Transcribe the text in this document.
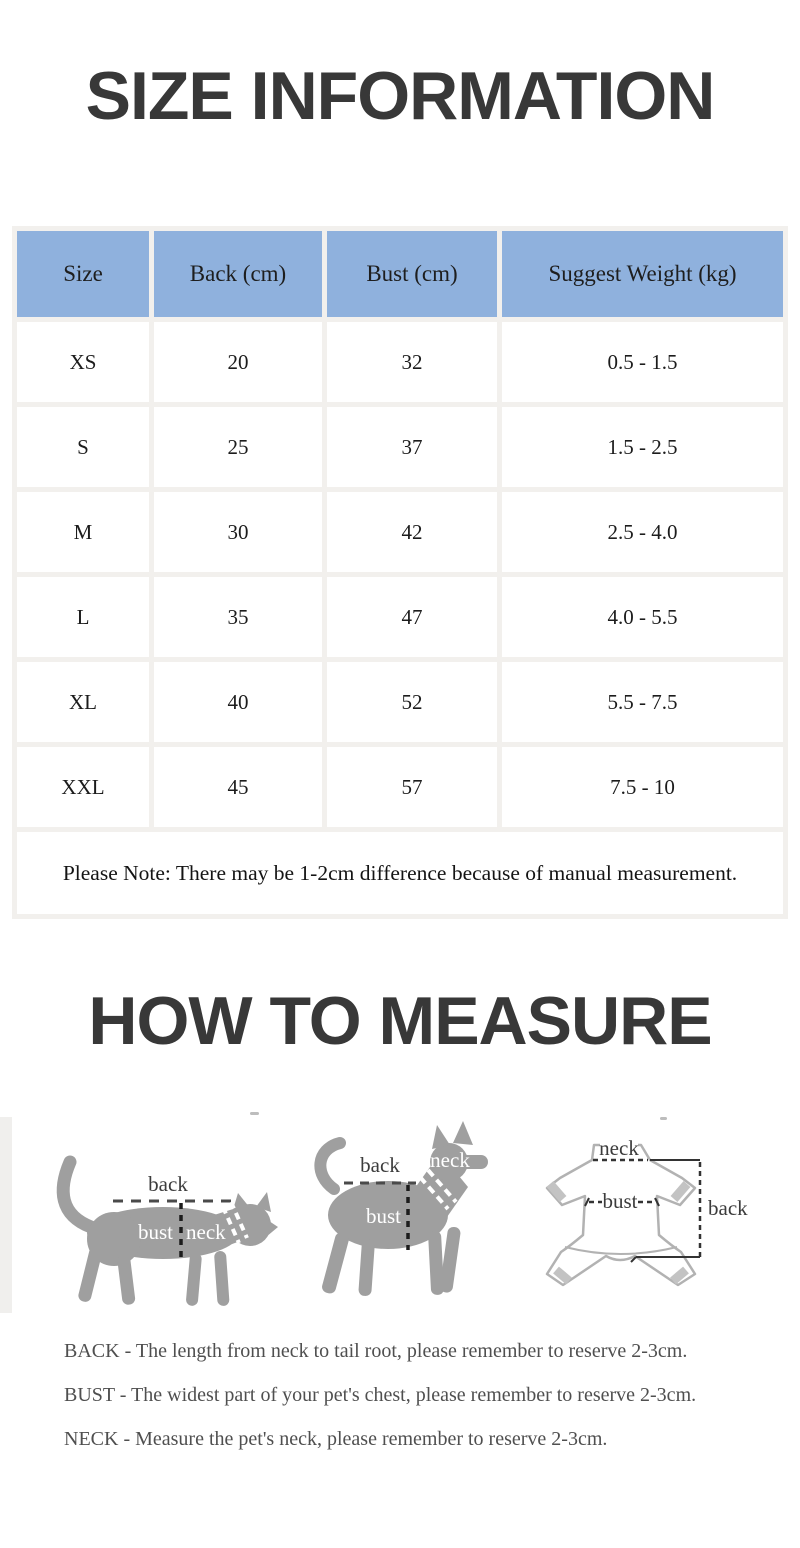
SIZE INFORMATION
Size	Back (cm)	Bust (cm)	Suggest Weight (kg)
XS	20	32	0.5 - 1.5
S	25	37	1.5 - 2.5
M	30	42	2.5 - 4.0
L	35	47	4.0 - 5.5
XL	40	52	5.5 - 7.5
XXL	45	57	7.5 - 10
Please Note: There may be 1-2cm difference because of manual measurement.			
HOW TO MEASURE
back
bust neck
back
bust
neck	neck
bust	back

BACK - The length from neck to tail root, please remember to reserve 2-3cm.

BUST - The widest part of your pet's chest, please remember to reserve 2-3cm.

NECK - Measure the pet's neck, please remember to reserve 2-3cm.
